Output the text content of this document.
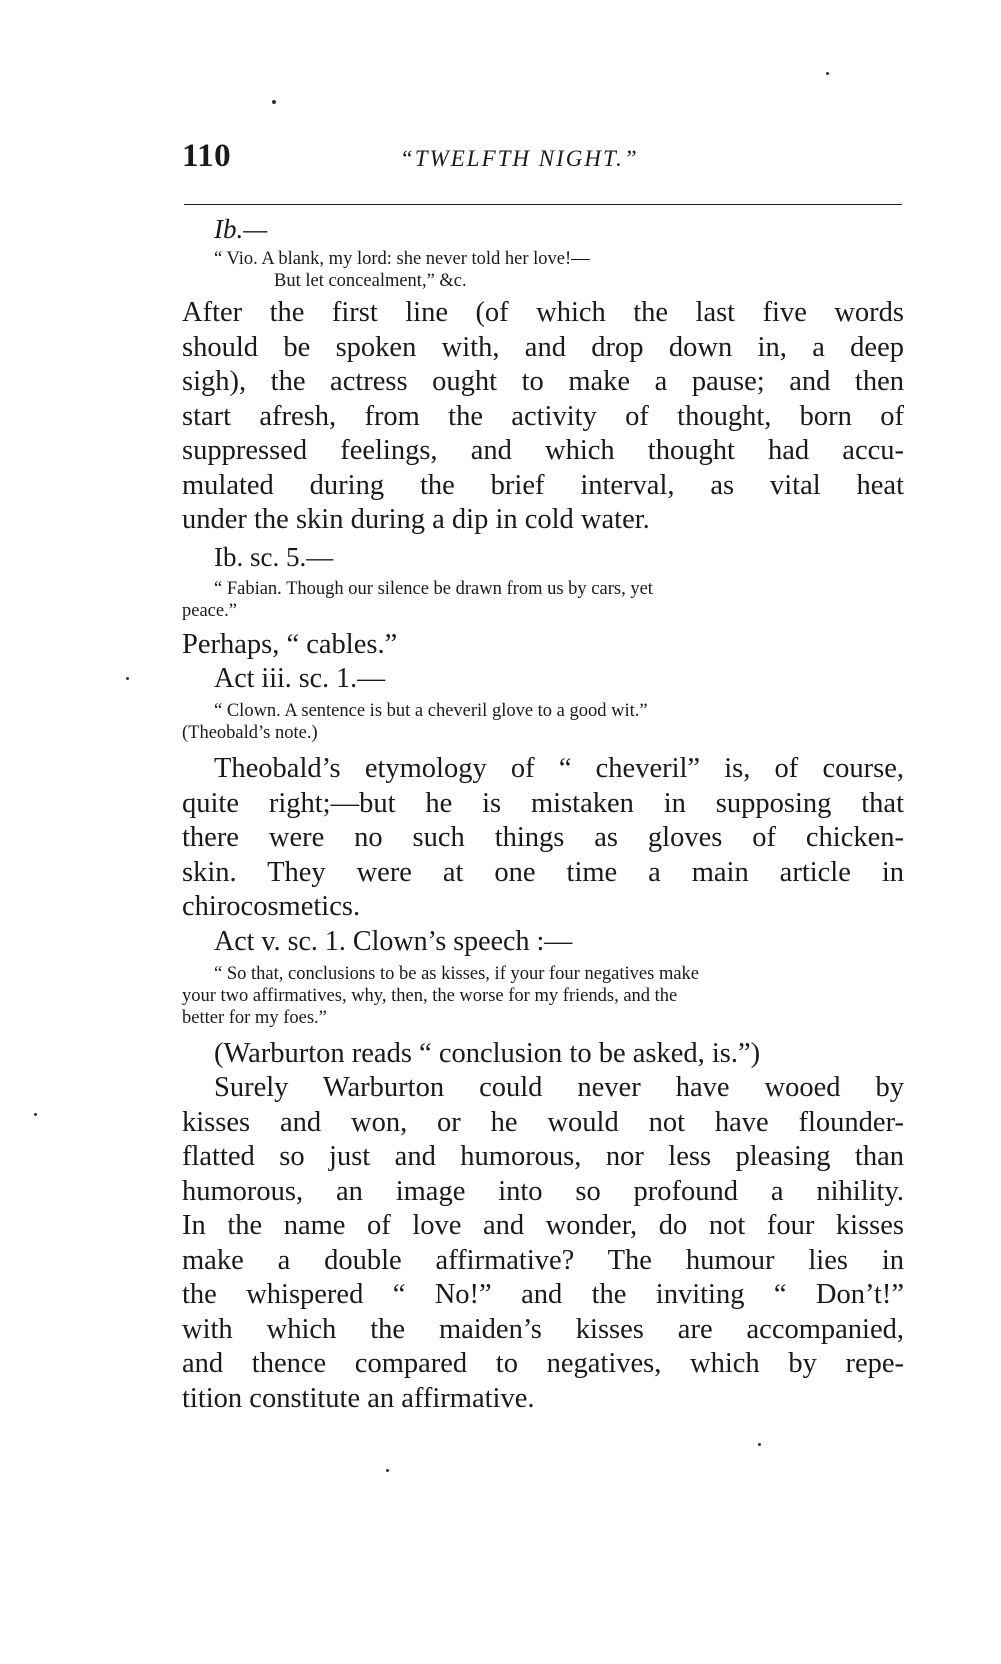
110	“TWELFTH NIGHT.”

Ib.—

“ Vio. A blank, my lord: she never told her love!—
But let concealment,” &c.
After the first line (of which the last five words
should be spoken with, and drop down in, a deep
sigh), the actress ought to make a pause; and then
start afresh, from the activity of thought, born of
suppressed feelings, and which thought had accu-
mulated during the brief interval, as vital heat
under the skin during a dip in cold water.

Ib. sc. 5.—

“ Fabian. Though our silence be drawn from us by cars, yet
peace.”
Perhaps, “ cables.”

Act iii. sc. 1.—

“ Clown. A sentence is but a cheveril glove to a good wit.”
(Theobald’s note.)
Theobald’s etymology of “ cheveril” is, of course,
quite right;—but he is mistaken in supposing that
there were no such things as gloves of chicken-
skin. They were at one time a main article in
chirocosmetics.

Act v. sc. 1. Clown’s speech :—

“ So that, conclusions to be as kisses, if your four negatives make
your two affirmatives, why, then, the worse for my friends, and the
better for my foes.”
(Warburton reads “ conclusion to be asked, is.”)
Surely Warburton could never have wooed by
kisses and won, or he would not have flounder-
flatted so just and humorous, nor less pleasing than
humorous, an image into so profound a nihility.
In the name of love and wonder, do not four kisses
make a double affirmative? The humour lies in
the whispered “ No!” and the inviting “ Don’t!”
with which the maiden’s kisses are accompanied,
and thence compared to negatives, which by repe-
tition constitute an affirmative.
